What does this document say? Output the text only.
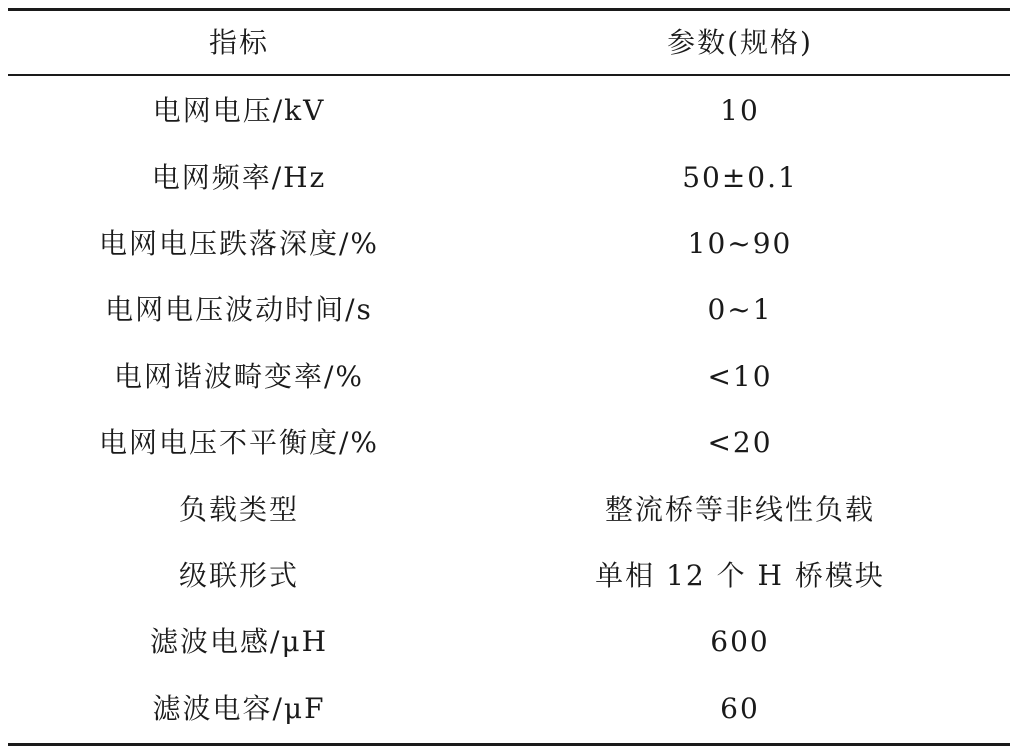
指标	参数(规格)
电网电压/kV	10
电网频率/Hz	50±0.1
电网电压跌落深度/%	10~90
电网电压波动时间/s	0~1
电网谐波畸变率/%	<10
电网电压不平衡度/%	<20
负载类型	整流桥等非线性负载
级联形式	单相 12 个 H 桥模块
滤波电感/μH	600
滤波电容/μF	60
